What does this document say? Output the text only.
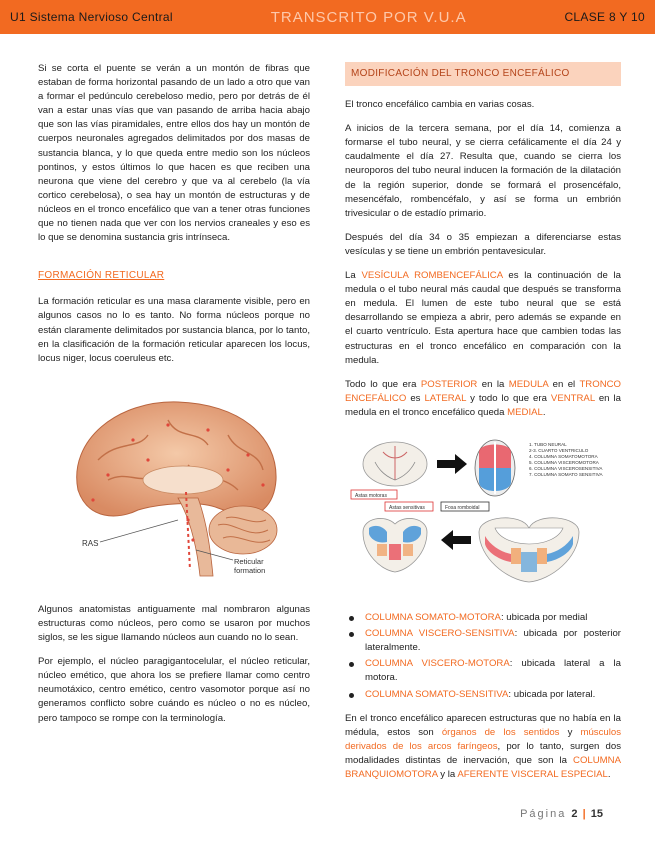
U1 Sistema Nervioso Central	TRANSCRITO POR V.U.A	CLASE 8 Y 10

Si se corta el puente se verán a un montón de fibras que estaban de forma horizontal pasando de un lado a otro que van a formar el pedúnculo cerebeloso medio, pero por detrás de él van a estar unas vías que van pasando de arriba hacia abajo que son las vías piramidales, entre ellos dos hay un montón de cuerpos neuronales agregados delimitados por dos masas de sustancia blanca, y lo que queda entre medio son los núcleos pontinos, y estos últimos lo que hacen es que reciben una neurona que viene del cerebro y que va al cerebelo (la vía cortico cerebelosa), o sea hay un montón de estructuras y de núcleos en el tronco encefálico que van a tener otras funciones que no tienen nada que ver con los nervios craneales y eso es lo que se denomina sustancia gris intrínseca.

FORMACIÓN RETICULAR

La formación reticular es una masa claramente visible, pero en algunos casos no lo es tanto. No forma núcleos porque no están claramente delimitados por sustancia blanca, por lo tanto, en la clasificación de la formación reticular aparecen los locus, locus niger, locus coeruleus etc.

RAS
Reticular
formation

Algunos anatomistas antiguamente mal nombraron algunas estructuras como núcleos, pero como se usaron por muchos siglos, se les sigue llamando núcleos aun cuando no lo sean.

Por ejemplo, el núcleo paragigantocelular, el núcleo reticular, núcleo emético, que ahora los se prefiere llamar como centro neumotáxico, centro emético, centro vasomotor porque así no generamos conflicto sobre cuándo es núcleo o no es núcleo, pero tampoco se rompe con la terminología.

MODIFICACIÓN DEL TRONCO ENCEFÁLICO

El tronco encefálico cambia en varias cosas.

A inicios de la tercera semana, por el día 14, comienza a formarse el tubo neural, y se cierra cefálicamente el día 24 y caudalmente el día 27. Resulta que, cuando se cierra los neuroporos del tubo neural inducen la formación de la dilatación de la región superior, donde se formará el prosencéfalo, mesencéfalo, rombencéfalo, y así se forma un embrión trivesicular o de estadío primario.

Después del día 34 o 35 empiezan a diferenciarse estas vesículas y se tiene un embrión pentavesicular.

La VESÍCULA ROMBENCEFÁLICA es la continuación de la medula o el tubo neural más caudal que después se transforma en medula. El lumen de este tubo neural que se está desarrollando se empieza a abrir, pero además se expande en el cuarto ventrículo. Esta apertura hace que cambien todas las estructuras en el tronco encefálico en comparación con la medula.

Todo lo que era POSTERIOR en la MEDULA en el TRONCO ENCEFÁLICO es LATERAL y todo lo que era VENTRAL en la medula en el tronco encefálico queda MEDIAL.

1. TUBO NEURAL
2-3. CUARTO VENTRICULO
4. COLUMNA SOMATOMOTORA
5. COLUMNA VISCEROMOTORA
6. COLUMNA VISCEROSENSITIVA
7. COLUMNA SOMATO SENSITIVA
Astas motoras
Astas sensitivas	Fosa romboidal
COLUMNA SOMATO-MOTORA: ubicada por medial
COLUMNA VISCERO-SENSITIVA: ubicada por posterior lateralmente.
COLUMNA VISCERO-MOTORA: ubicada lateral a la motora.
COLUMNA SOMATO-SENSITIVA: ubicada por lateral.

En el tronco encefálico aparecen estructuras que no había en la médula, estos son órganos de los sentidos y músculos derivados de los arcos faríngeos, por lo tanto, surgen dos modalidades distintas de inervación, que son la COLUMNA BRANQUIOMOTORA y la AFERENTE VISCERAL ESPECIAL.

Página 2 | 15
